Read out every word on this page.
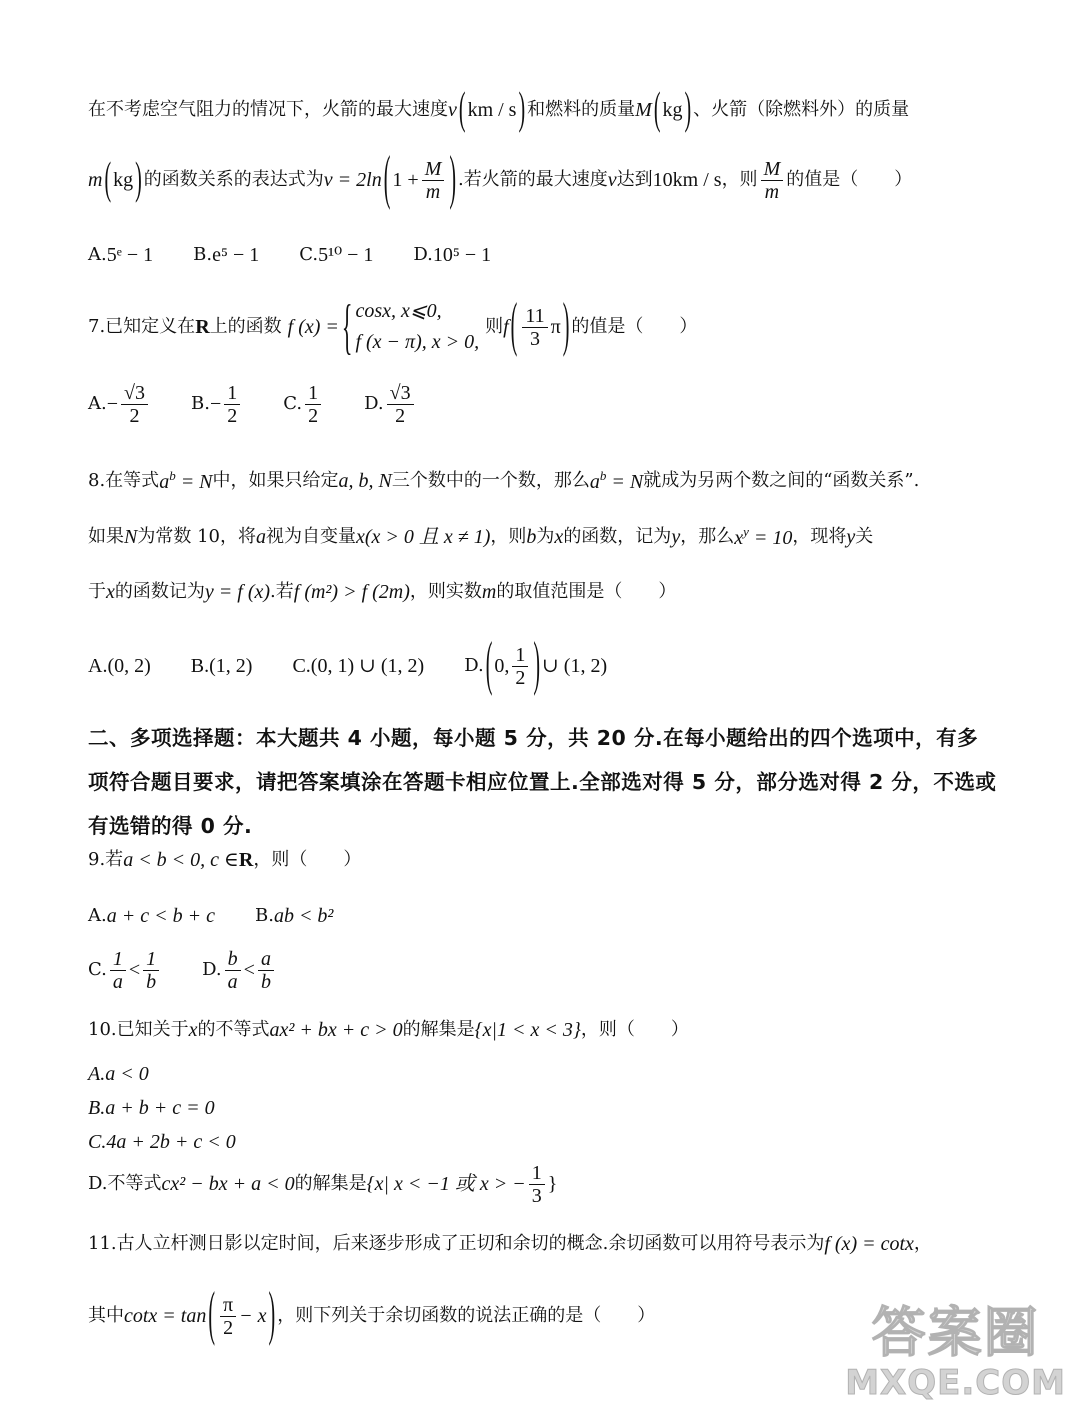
在不考虑空气阻力的情况下，火箭的最大速度 v ( km / s ) 和燃料的质量 M ( kg ) 、火箭（除燃料外）的质量
m ( kg ) 的函数关系的表达式为 v = 2ln ( $1 + \frac{M}{m}$ ) .若火箭的最大速度 v 达到 10km / s ，则 $\frac{M}{m}$ 的值是（　　）
A. 5ᵉ − 1 B. e⁵ − 1 C. 5¹⁰ − 1 D. 10⁵ − 1
7.已知定义在 R 上的函数 f (x) = { cosx, x⩽0,
f (x − π), x > 0,
则 f ( $\frac{11}{3}$ π ) 的值是（　　）
A. − $\frac{√3}{2} B$. − $\frac{1}{2} C$. $\frac{1}{2} D$. $\frac{√3}{2}$
8.在等式 $a^b = N$ 中，如果只给定 a, b, N 三个数中的一个数，那么 $a^b = N$ 就成为另两个数之间的“函数关系”.
如果 N 为常数 10，将 a 视为自变量 x(x > 0 且 x ≠ 1) ，则 b 为 x 的函数，记为 y ，那么 $x^y = 10$ ，现将 y 关
于 x 的函数记为 y = f (x) .若 f (m²) > f (2m) ，则实数 m 的取值范围是（　　）
A.(0, 2) B.(1, 2) C.(0, 1) ∪ (1, 2) D. ( 0, $\frac{1}{2}$ ) ∪ (1, 2)
二、多项选择题：本大题共 4 小题，每小题 5 分，共 20 分.在每小题给出的四个选项中，有多项符合题目要求，请把答案填涂在答题卡相应位置上.全部选对得 5 分，部分选对得 2 分，不选或有选错的得 0 分.
9.若 a < b < 0, c ∈ R ，则（　　）
A. a + c < b + c B. ab < b²
C. $\frac{1}{a} < \frac{1}{b} D$. $\frac{b}{a} < \frac{a}{b}$
10.已知关于 x 的不等式 ax² + bx + c > 0 的解集是 {x|1 < x < 3} ，则（　　）
A.a < 0
B.a + b + c = 0
C.4a + 2b + c < 0
D.不等式 cx² − bx + a < 0 的解集是 {x| x < −1 或 x > − $\frac{1}{3}$ }
11.古人立杆测日影以定时间，后来逐步形成了正切和余切的概念.余切函数可以用符号表示为 f (x) = cotx ，
其中 cotx = tan ( $\frac{\pi}{2} - x$ ) ，则下列关于余切函数的说法正确的是（　　）	答案圈
MXQE.COM
